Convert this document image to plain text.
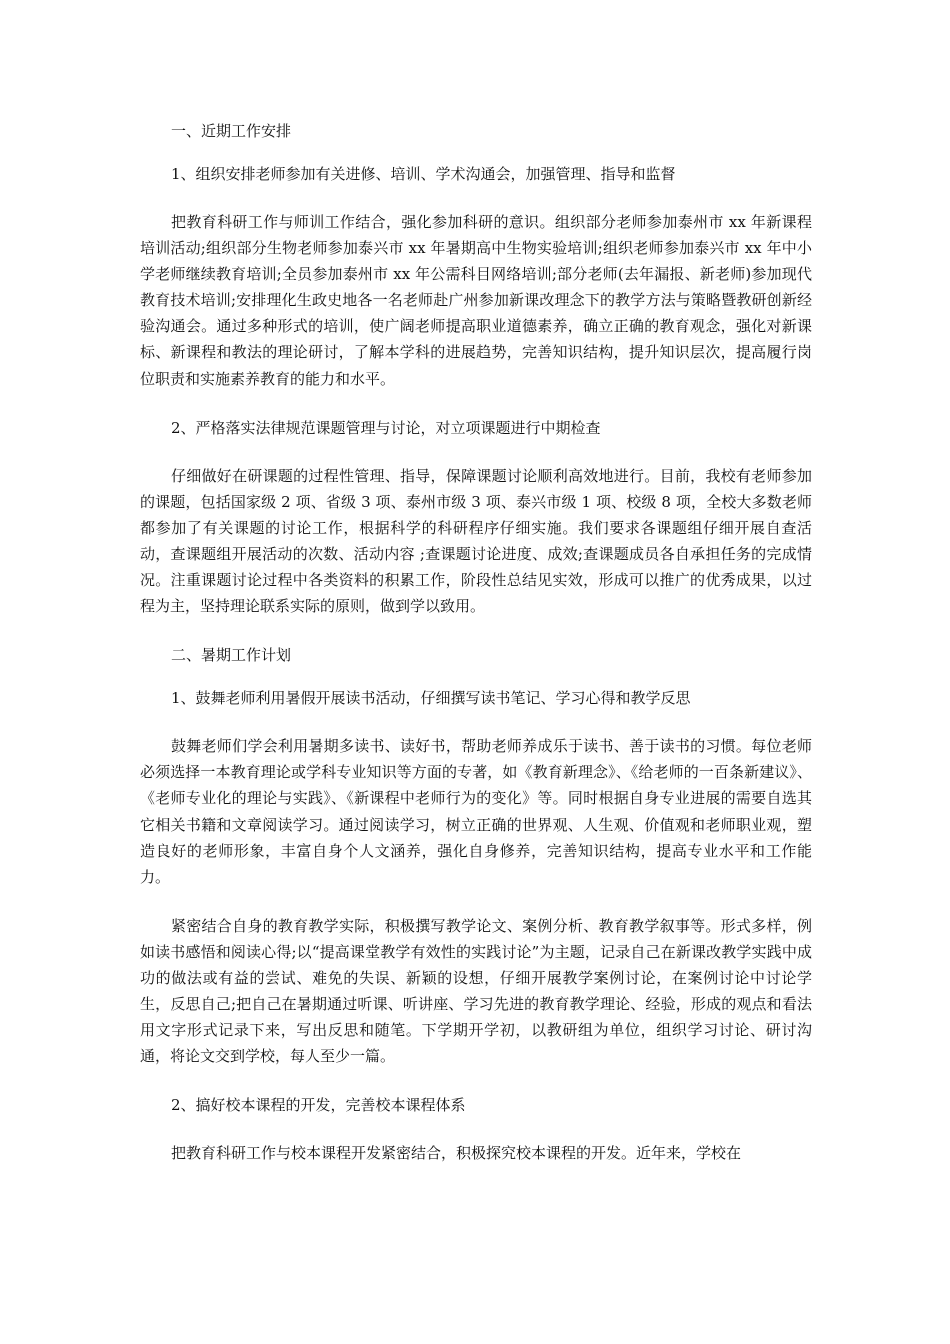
一、近期工作安排

1、组织安排老师参加有关进修、培训、学术沟通会，加强管理、指导和监督

把教育科研工作与师训工作结合，强化参加科研的意识。组织部分老师参加泰州市 xx 年新课程培训活动;组织部分生物老师参加泰兴市 xx 年暑期高中生物实验培训;组织老师参加泰兴市 xx 年中小学老师继续教育培训;全员参加泰州市 xx 年公需科目网络培训;部分老师(去年漏报、新老师)参加现代教育技术培训;安排理化生政史地各一名老师赴广州参加新课改理念下的教学方法与策略暨教研创新经验沟通会。通过多种形式的培训，使广阔老师提高职业道德素养，确立正确的教育观念，强化对新课标、新课程和教法的理论研讨，了解本学科的进展趋势，完善知识结构，提升知识层次，提高履行岗位职责和实施素养教育的能力和水平。

2、严格落实法律规范课题管理与讨论，对立项课题进行中期检查

仔细做好在研课题的过程性管理、指导，保障课题讨论顺利高效地进行。目前，我校有老师参加的课题，包括国家级 2 项、省级 3 项、泰州市级 3 项、泰兴市级 1 项、校级 8 项，全校大多数老师都参加了有关课题的讨论工作，根据科学的科研程序仔细实施。我们要求各课题组仔细开展自查活动，查课题组开展活动的次数、活动内容 ;查课题讨论进度、成效;查课题成员各自承担任务的完成情况。注重课题讨论过程中各类资料的积累工作，阶段性总结见实效，形成可以推广的优秀成果，以过程为主，坚持理论联系实际的原则，做到学以致用。

二、暑期工作计划

1、鼓舞老师利用暑假开展读书活动，仔细撰写读书笔记、学习心得和教学反思

鼓舞老师们学会利用暑期多读书、读好书，帮助老师养成乐于读书、善于读书的习惯。每位老师必须选择一本教育理论或学科专业知识等方面的专著，如《教育新理念》、《给老师的一百条新建议》、《老师专业化的理论与实践》、《新课程中老师行为的变化》等。同时根据自身专业进展的需要自选其它相关书籍和文章阅读学习。通过阅读学习，树立正确的世界观、人生观、价值观和老师职业观，塑造良好的老师形象，丰富自身个人文涵养，强化自身修养，完善知识结构，提高专业水平和工作能力。

紧密结合自身的教育教学实际，积极撰写教学论文、案例分析、教育教学叙事等。形式多样，例如读书感悟和阅读心得;以“提高课堂教学有效性的实践讨论”为主题，记录自己在新课改教学实践中成功的做法或有益的尝试、难免的失误、新颖的设想，仔细开展教学案例讨论，在案例讨论中讨论学生，反思自己;把自己在暑期通过听课、听讲座、学习先进的教育教学理论、经验，形成的观点和看法用文字形式记录下来，写出反思和随笔。下学期开学初，以教研组为单位，组织学习讨论、研讨沟通，将论文交到学校，每人至少一篇。

2、搞好校本课程的开发，完善校本课程体系

把教育科研工作与校本课程开发紧密结合，积极探究校本课程的开发。近年来，学校在
